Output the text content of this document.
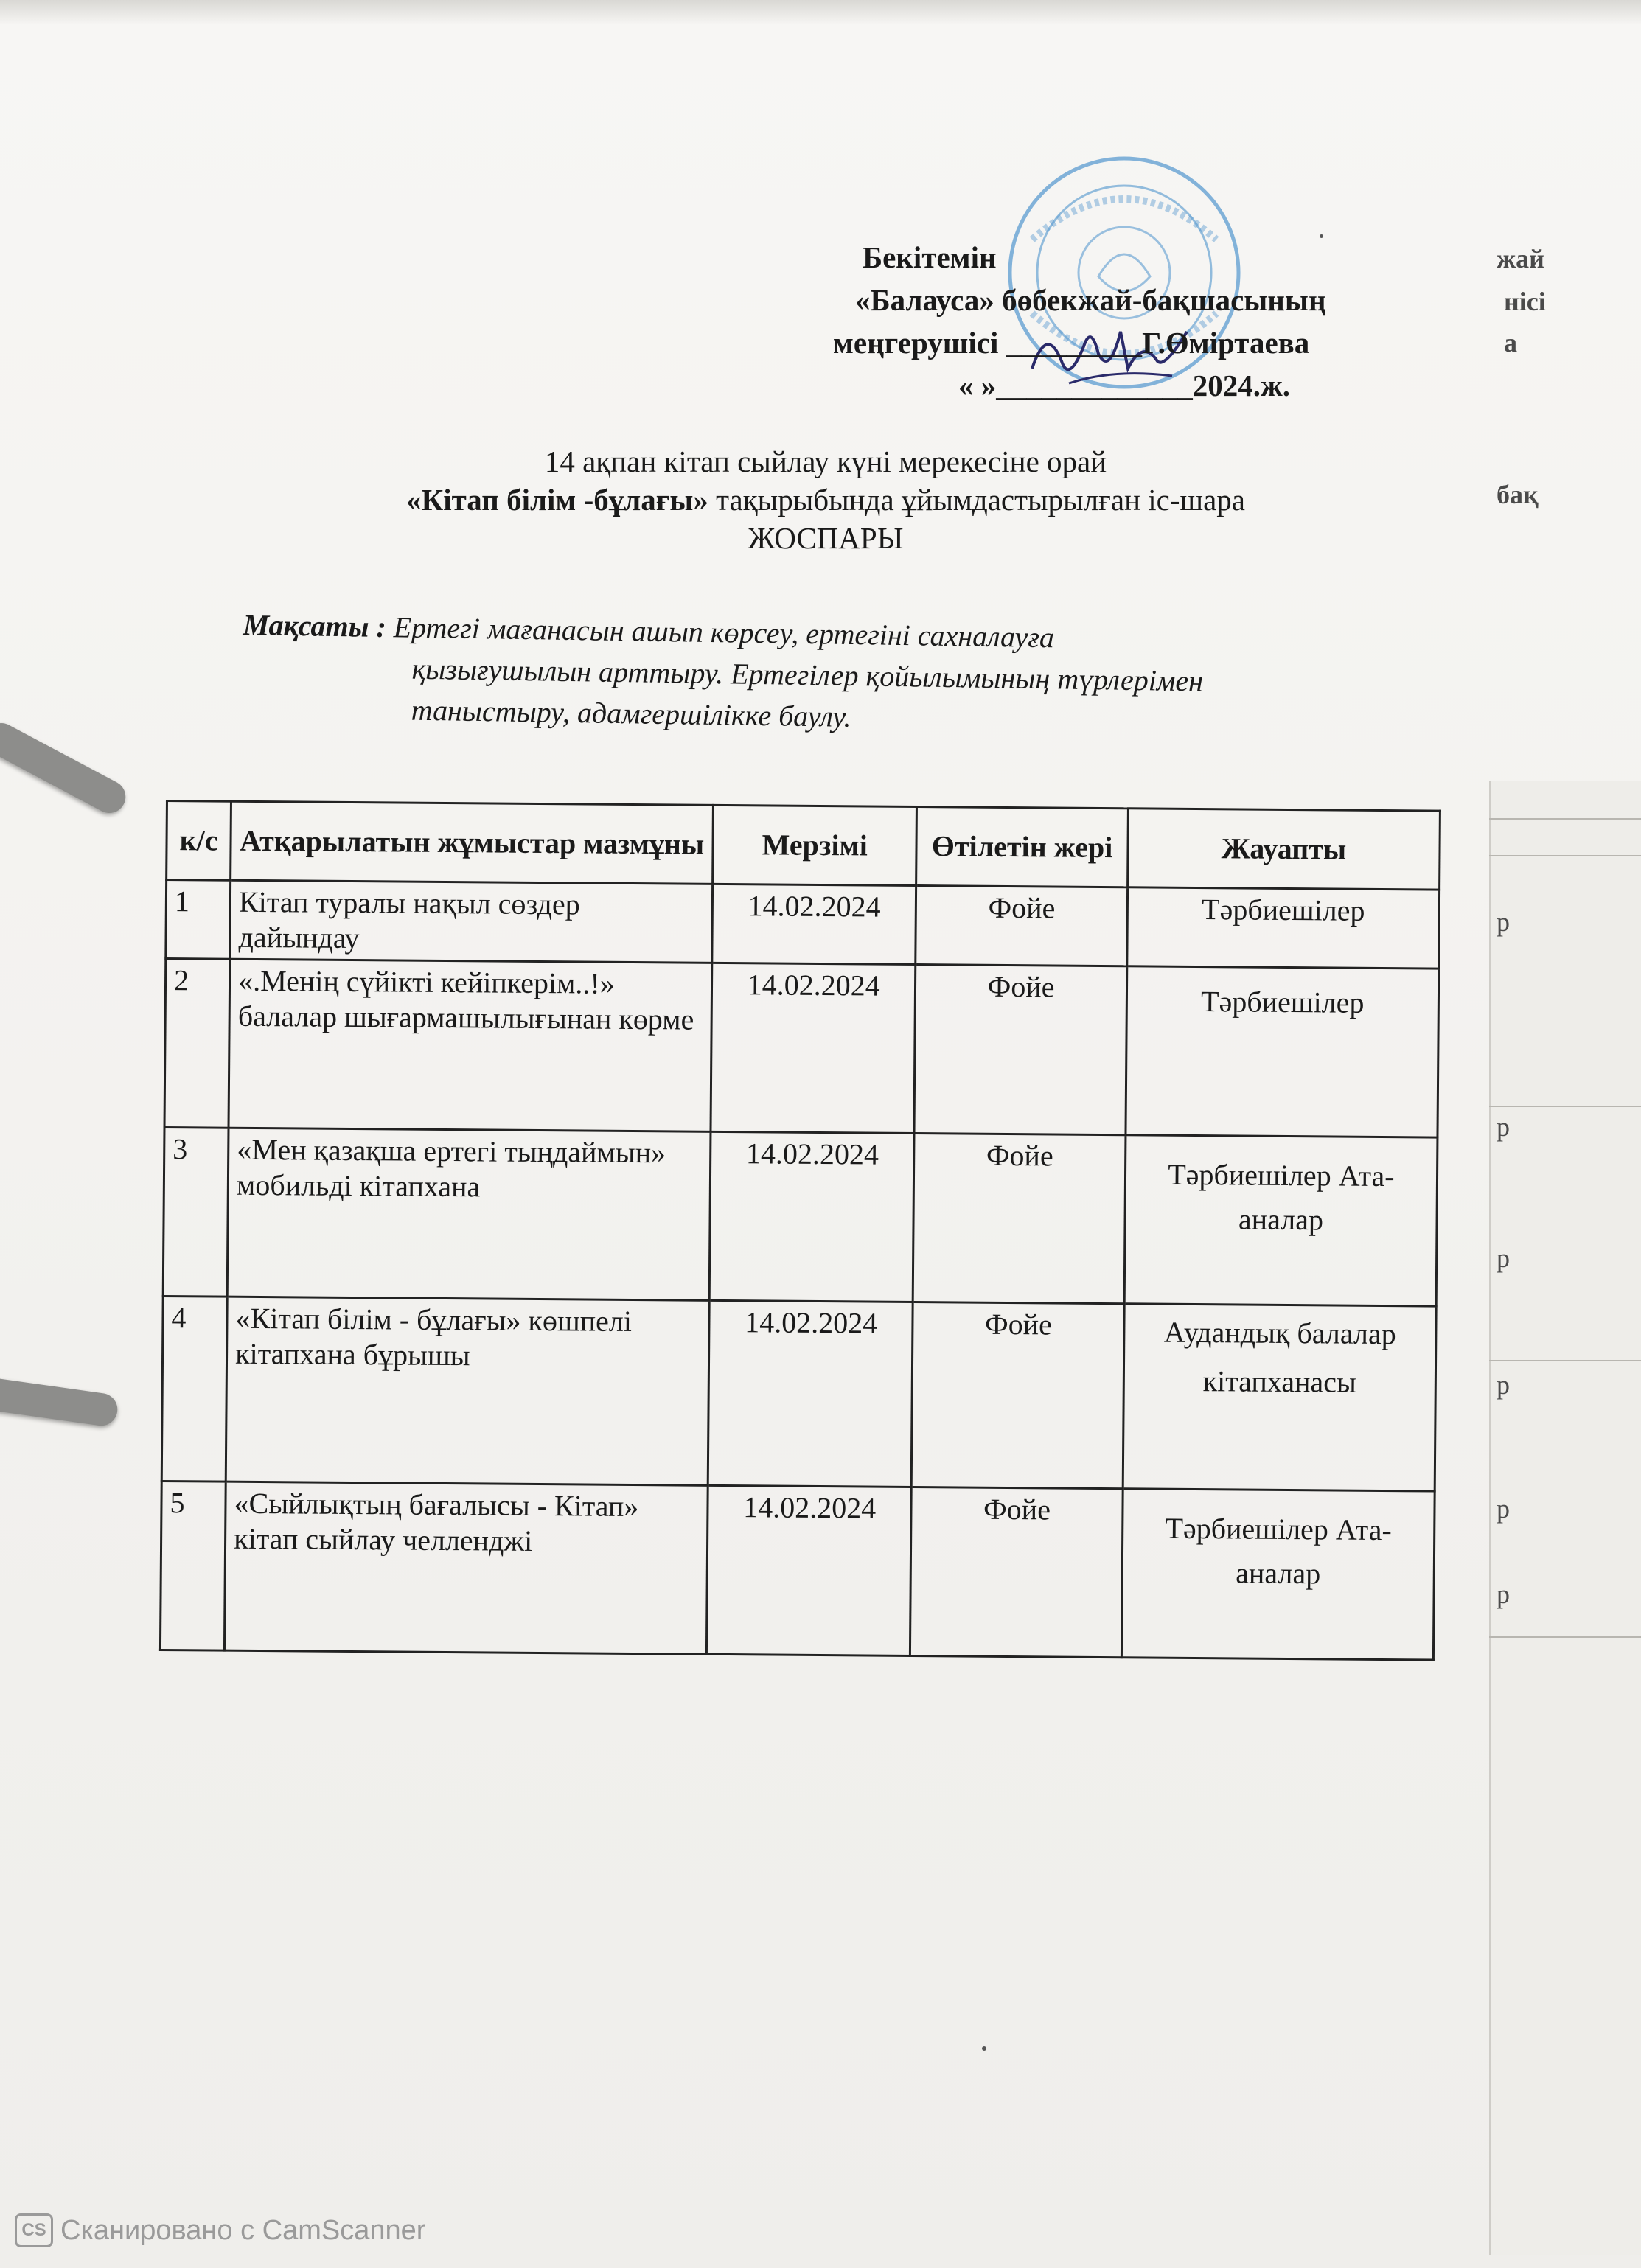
жай
нісі
а
бақ
р
р
р
р
р
р
Бекітемін
«Балауса» бөбекжай-бақшасының
меңгерушісі _________Г.Өміртаева
« »_____________2024.ж.
14 ақпан кітап сыйлау күні мерекесіне орай
«Кітап білім -бұлағы» тақырыбында ұйымдастырылған іс-шара
ЖОСПАРЫ
Мақсаты : Ертегі мағанасын ашып көрсеу, ертегіні сахналауға
қызығушылын арттыру. Ертегілер қойылымының түрлерімен
таныстыру, адамгершілікке баулу.
к/с	Атқарылатын жұмыстар мазмұны	Мерзімі	Өтілетін жері	Жауапты
1	Кітап туралы нақыл сөздер дайындау	14.02.2024	Фойе	Тәрбиешілер
2	«.Менің сүйікті кейіпкерім..!» балалар шығармашылығынан көрме	14.02.2024	Фойе	Тәрбиешілер
3	«Мен қазақша ертегі тыңдаймын» мобильді кітапхана	14.02.2024	Фойе	Тәрбиешілер Ата-аналар
4	«Кітап білім - бұлағы» көшпелі кітапхана бұрышы	14.02.2024	Фойе	Аудандық балалар кітапханасы
5	«Сыйлықтың бағалысы - Кітап» кітап сыйлау челленджі	14.02.2024	Фойе	Тәрбиешілер Ата-аналар
CS Сканировано с CamScanner
